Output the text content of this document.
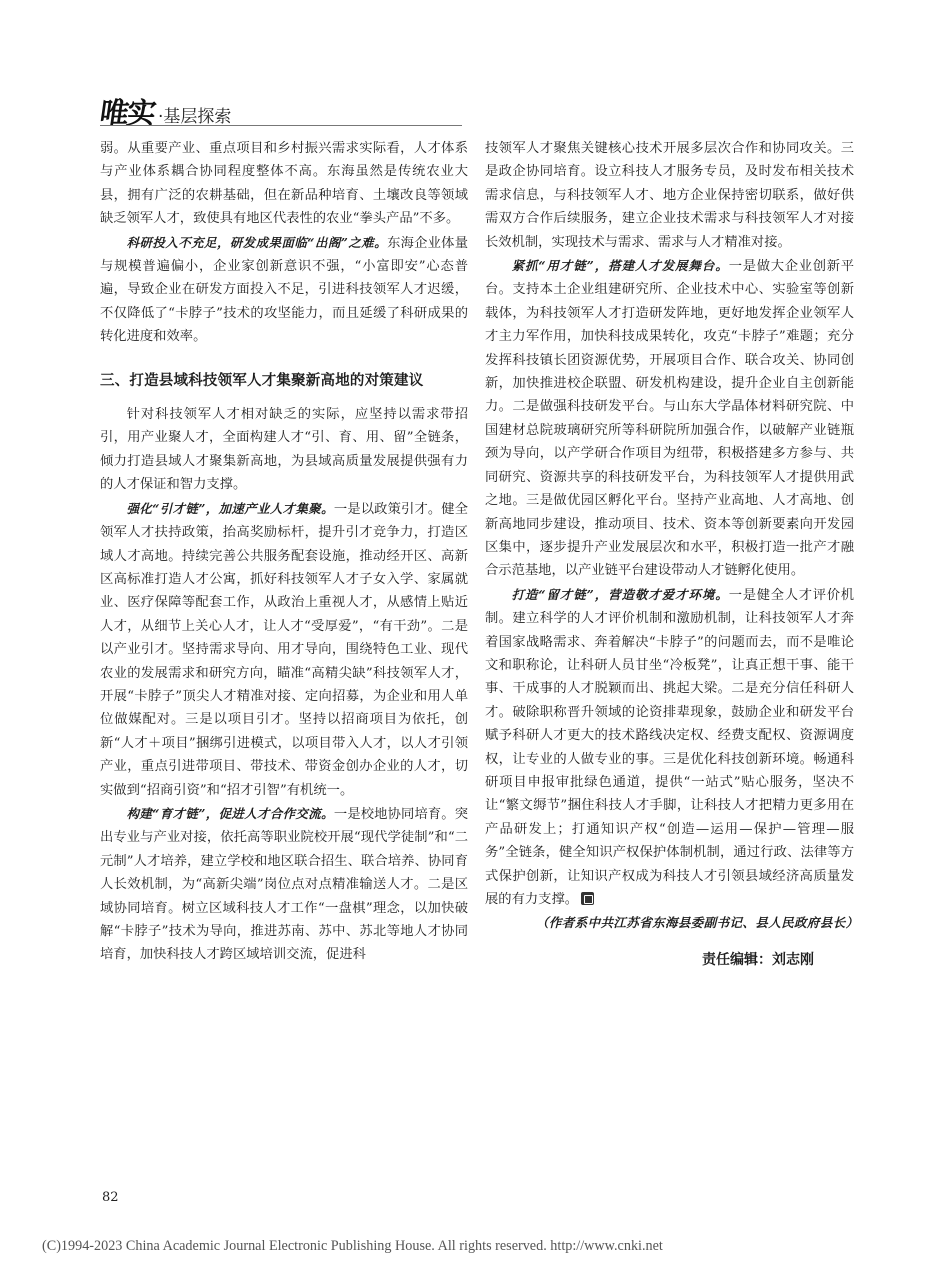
唯实 ·基层探索

弱。从重要产业、重点项目和乡村振兴需求实际看，人才体系与产业体系耦合协同程度整体不高。东海虽然是传统农业大县，拥有广泛的农耕基础，但在新品种培育、土壤改良等领域缺乏领军人才，致使具有地区代表性的农业“拳头产品”不多。

科研投入不充足，研发成果面临“出阁”之难。东海企业体量与规模普遍偏小，企业家创新意识不强，“小富即安”心态普遍，导致企业在研发方面投入不足，引进科技领军人才迟缓，不仅降低了“卡脖子”技术的攻坚能力，而且延缓了科研成果的转化进度和效率。

三、打造县域科技领军人才集聚新高地的对策建议

针对科技领军人才相对缺乏的实际，应坚持以需求带招引，用产业聚人才，全面构建人才“引、育、用、留”全链条，倾力打造县域人才聚集新高地，为县域高质量发展提供强有力的人才保证和智力支撑。

强化“引才链”，加速产业人才集聚。一是以政策引才。健全领军人才扶持政策，抬高奖励标杆，提升引才竞争力，打造区域人才高地。持续完善公共服务配套设施，推动经开区、高新区高标准打造人才公寓，抓好科技领军人才子女入学、家属就业、医疗保障等配套工作，从政治上重视人才，从感情上贴近人才，从细节上关心人才，让人才“受厚爱”，“有干劲”。二是以产业引才。坚持需求导向、用才导向，围绕特色工业、现代农业的发展需求和研究方向，瞄准“高精尖缺”科技领军人才，开展“卡脖子”顶尖人才精准对接、定向招募，为企业和用人单位做媒配对。三是以项目引才。坚持以招商项目为依托，创新“人才＋项目”捆绑引进模式，以项目带入人才，以人才引领产业，重点引进带项目、带技术、带资金创办企业的人才，切实做到“招商引资”和“招才引智”有机统一。

构建“育才链”，促进人才合作交流。一是校地协同培育。突出专业与产业对接，依托高等职业院校开展“现代学徒制”和“二元制”人才培养，建立学校和地区联合招生、联合培养、协同育人长效机制，为“高新尖端”岗位点对点精准输送人才。二是区域协同培育。树立区域科技人才工作“一盘棋”理念，以加快破解“卡脖子”技术为导向，推进苏南、苏中、苏北等地人才协同培育，加快科技人才跨区域培训交流，促进科

技领军人才聚焦关键核心技术开展多层次合作和协同攻关。三是政企协同培育。设立科技人才服务专员，及时发布相关技术需求信息，与科技领军人才、地方企业保持密切联系，做好供需双方合作后续服务，建立企业技术需求与科技领军人才对接长效机制，实现技术与需求、需求与人才精准对接。

紧抓“用才链”，搭建人才发展舞台。一是做大企业创新平台。支持本土企业组建研究所、企业技术中心、实验室等创新载体，为科技领军人才打造研发阵地，更好地发挥企业领军人才主力军作用，加快科技成果转化，攻克“卡脖子”难题；充分发挥科技镇长团资源优势，开展项目合作、联合攻关、协同创新，加快推进校企联盟、研发机构建设，提升企业自主创新能力。二是做强科技研发平台。与山东大学晶体材料研究院、中国建材总院玻璃研究所等科研院所加强合作，以破解产业链瓶颈为导向，以产学研合作项目为纽带，积极搭建多方参与、共同研究、资源共享的科技研发平台，为科技领军人才提供用武之地。三是做优园区孵化平台。坚持产业高地、人才高地、创新高地同步建设，推动项目、技术、资本等创新要素向开发园区集中，逐步提升产业发展层次和水平，积极打造一批产才融合示范基地，以产业链平台建设带动人才链孵化使用。

打造“留才链”，营造敬才爱才环境。一是健全人才评价机制。建立科学的人才评价机制和激励机制，让科技领军人才奔着国家战略需求、奔着解决“卡脖子”的问题而去，而不是唯论文和职称论，让科研人员甘坐“冷板凳”，让真正想干事、能干事、干成事的人才脱颖而出、挑起大梁。二是充分信任科研人才。破除职称晋升领域的论资排辈现象，鼓励企业和研发平台赋予科研人才更大的技术路线决定权、经费支配权、资源调度权，让专业的人做专业的事。三是优化科技创新环境。畅通科研项目申报审批绿色通道，提供“一站式”贴心服务，坚决不让“繁文缛节”捆住科技人才手脚，让科技人才把精力更多用在产品研发上；打通知识产权“创造—运用—保护—管理—服务”全链条，健全知识产权保护体制机制，通过行政、法律等方式保护创新，让知识产权成为科技人才引领县域经济高质量发展的有力支撑。

（作者系中共江苏省东海县委副书记、县人民政府县长）

责任编辑：刘志刚
82
(C)1994-2023 China Academic Journal Electronic Publishing House. All rights reserved. http://www.cnki.net
